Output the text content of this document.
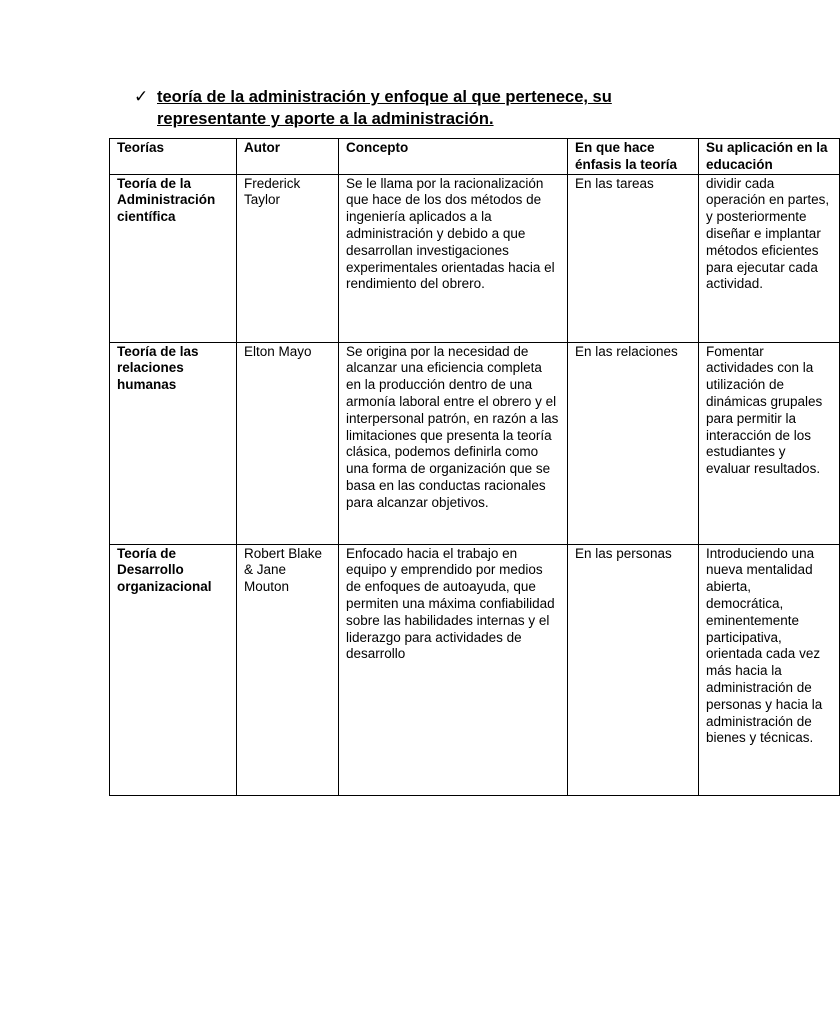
✓ teoría de la administración y enfoque al que pertenece, su
representante y aporte a la administración.
Teorías	Autor	Concepto	En que hace énfasis la teoría	Su aplicación en la educación
Teoría de la Administración científica	Frederick Taylor	Se le llama por la racionalización que hace de los dos métodos de ingeniería aplicados a la administración y debido a que desarrollan investigaciones experimentales orientadas hacia el rendimiento del obrero.	En las tareas	dividir cada operación en partes, y posteriormente diseñar e implantar métodos eficientes para ejecutar cada actividad.
Teoría de las relaciones humanas	Elton Mayo	Se origina por la necesidad de alcanzar una eficiencia completa en la producción dentro de una armonía laboral entre el obrero y el interpersonal patrón, en razón a las limitaciones que presenta la teoría clásica, podemos definirla como una forma de organización que se basa en las conductas racionales para alcanzar objetivos.	En las relaciones	Fomentar actividades con la utilización de dinámicas grupales para permitir la interacción de los estudiantes y evaluar resultados.
Teoría de Desarrollo organizacional	Robert Blake & Jane Mouton	Enfocado hacia el trabajo en equipo y emprendido por medios de enfoques de autoayuda, que permiten una máxima confiabilidad sobre las habilidades internas y el liderazgo para actividades de desarrollo	En las personas	Introduciendo una nueva mentalidad abierta, democrática, eminentemente participativa, orientada cada vez más hacia la administración de personas y hacia la administración de bienes y técnicas.
